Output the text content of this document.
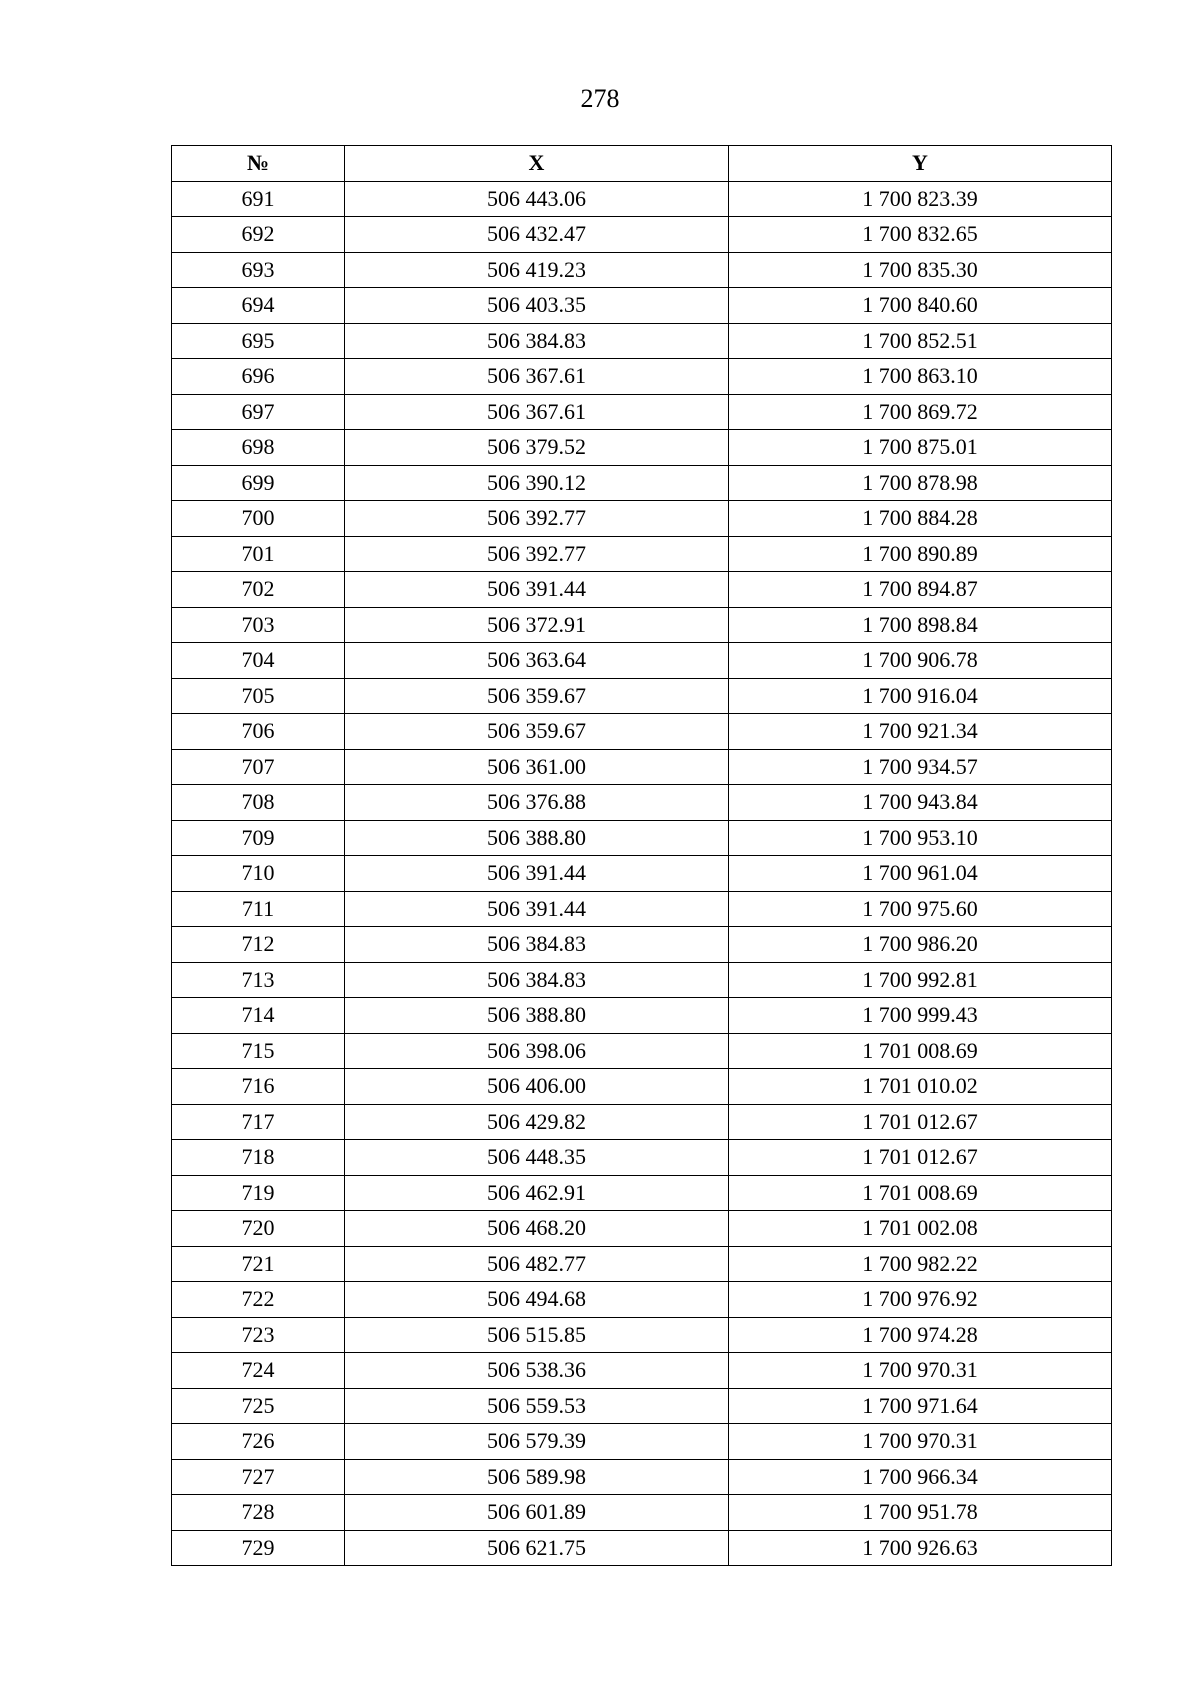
278
№	X	Y
691	506 443.06	1 700 823.39
692	506 432.47	1 700 832.65
693	506 419.23	1 700 835.30
694	506 403.35	1 700 840.60
695	506 384.83	1 700 852.51
696	506 367.61	1 700 863.10
697	506 367.61	1 700 869.72
698	506 379.52	1 700 875.01
699	506 390.12	1 700 878.98
700	506 392.77	1 700 884.28
701	506 392.77	1 700 890.89
702	506 391.44	1 700 894.87
703	506 372.91	1 700 898.84
704	506 363.64	1 700 906.78
705	506 359.67	1 700 916.04
706	506 359.67	1 700 921.34
707	506 361.00	1 700 934.57
708	506 376.88	1 700 943.84
709	506 388.80	1 700 953.10
710	506 391.44	1 700 961.04
711	506 391.44	1 700 975.60
712	506 384.83	1 700 986.20
713	506 384.83	1 700 992.81
714	506 388.80	1 700 999.43
715	506 398.06	1 701 008.69
716	506 406.00	1 701 010.02
717	506 429.82	1 701 012.67
718	506 448.35	1 701 012.67
719	506 462.91	1 701 008.69
720	506 468.20	1 701 002.08
721	506 482.77	1 700 982.22
722	506 494.68	1 700 976.92
723	506 515.85	1 700 974.28
724	506 538.36	1 700 970.31
725	506 559.53	1 700 971.64
726	506 579.39	1 700 970.31
727	506 589.98	1 700 966.34
728	506 601.89	1 700 951.78
729	506 621.75	1 700 926.63
